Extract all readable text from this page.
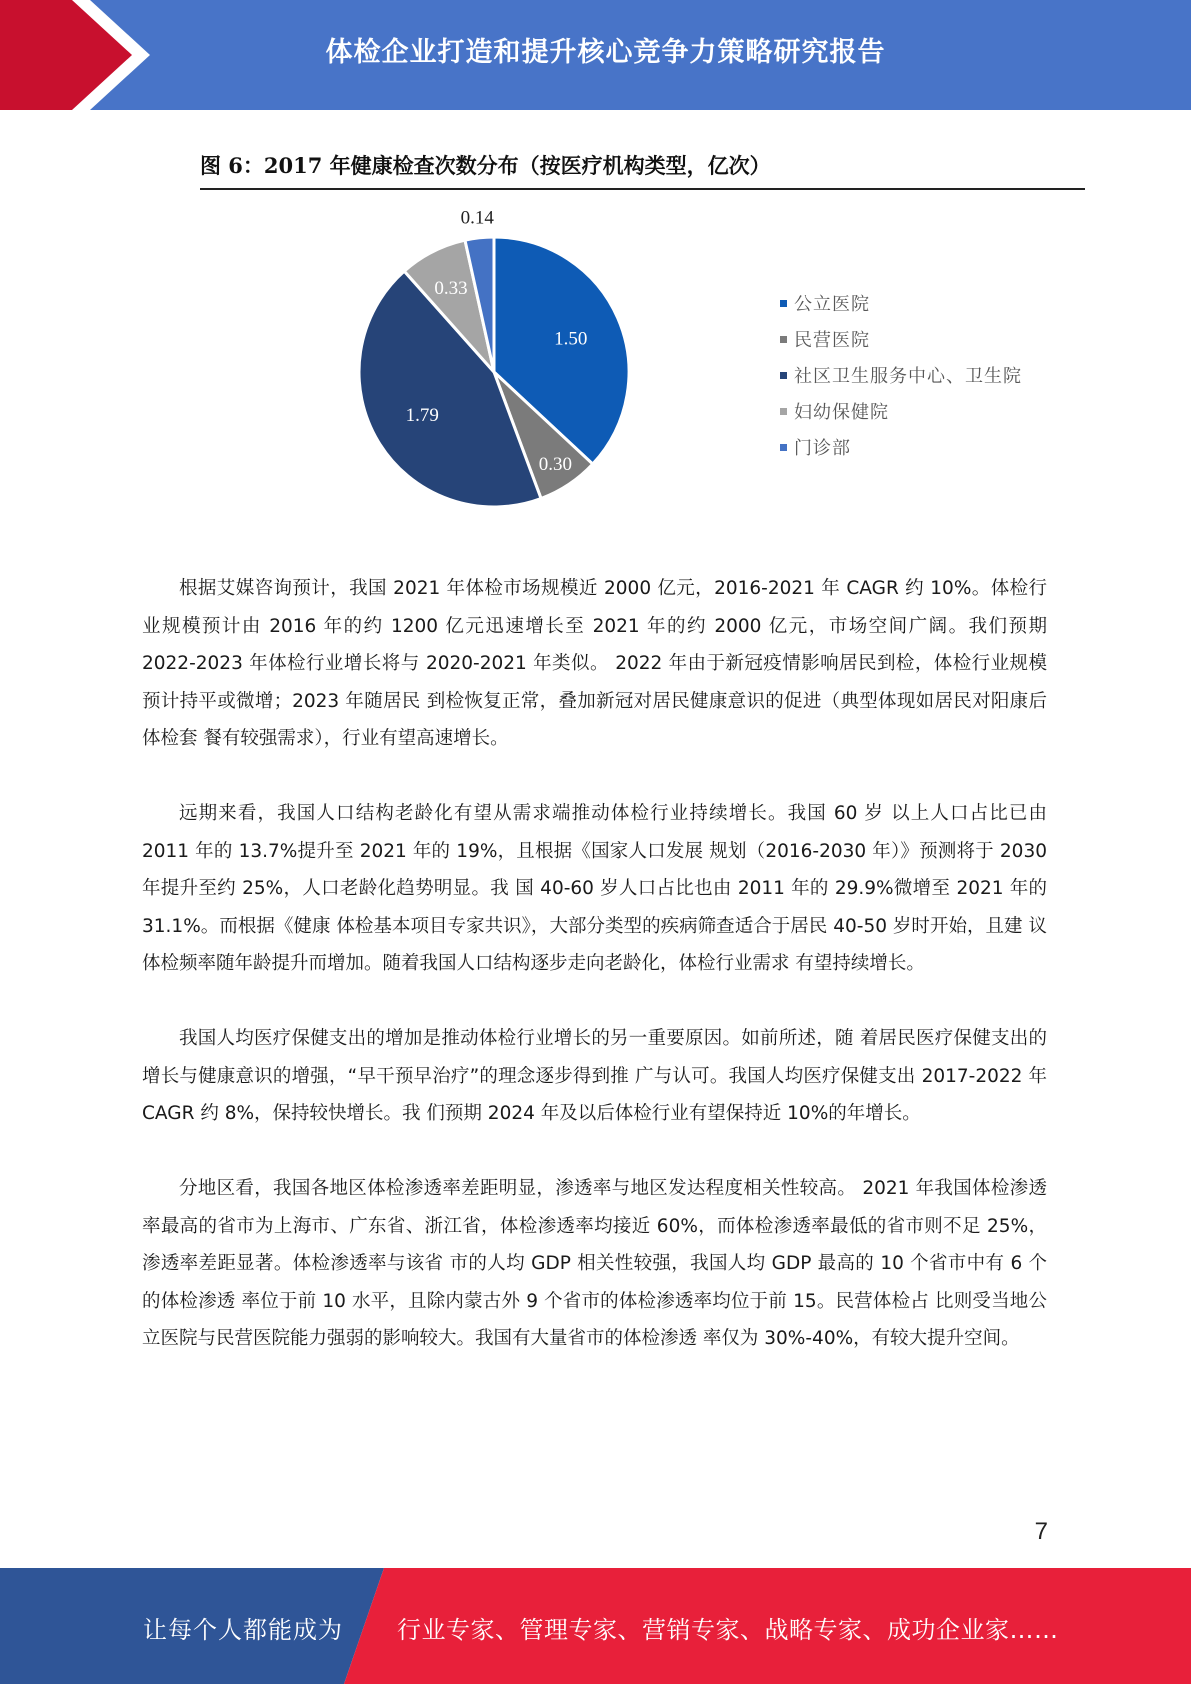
体检企业打造和提升核心竞争力策略研究报告
图 6：2017 年健康检查次数分布（按医疗机构类型，亿次）
1.50
0.30
1.79
0.33
0.14
公立医院
民营医院
社区卫生服务中心、卫生院
妇幼保健院
门诊部

根据艾媒咨询预计，我国 2021 年体检市场规模近 2000 亿元，2016-2021 年 CAGR 约 10%。体检行业规模预计由 2016 年的约 1200 亿元迅速增长至 2021 年的约 2000 亿元，市场空间广阔。我们预期 2022-2023 年体检行业增长将与 2020-2021 年类似。 2022 年由于新冠疫情影响居民到检，体检行业规模预计持平或微增；2023 年随居民 到检恢复正常，叠加新冠对居民健康意识的促进（典型体现如居民对阳康后体检套 餐有较强需求），行业有望高速增长。

远期来看，我国人口结构老龄化有望从需求端推动体检行业持续增长。我国 60 岁 以上人口占比已由 2011 年的 13.7%提升至 2021 年的 19%，且根据《国家人口发展 规划（2016-2030 年）》预测将于 2030 年提升至约 25%，人口老龄化趋势明显。我 国 40-60 岁人口占比也由 2011 年的 29.9%微增至 2021 年的 31.1%。而根据《健康 体检基本项目专家共识》，大部分类型的疾病筛查适合于居民 40-50 岁时开始，且建 议体检频率随年龄提升而增加。随着我国人口结构逐步走向老龄化，体检行业需求 有望持续增长。

我国人均医疗保健支出的增加是推动体检行业增长的另一重要原因。如前所述，随 着居民医疗保健支出的增长与健康意识的增强，“早干预早治疗”的理念逐步得到推 广与认可。我国人均医疗保健支出 2017-2022 年 CAGR 约 8%，保持较快增长。我 们预期 2024 年及以后体检行业有望保持近 10%的年增长。

分地区看，我国各地区体检渗透率差距明显，渗透率与地区发达程度相关性较高。 2021 年我国体检渗透率最高的省市为上海市、广东省、浙江省，体检渗透率均接近 60%，而体检渗透率最低的省市则不足 25%，渗透率差距显著。体检渗透率与该省 市的人均 GDP 相关性较强，我国人均 GDP 最高的 10 个省市中有 6 个的体检渗透 率位于前 10 水平，且除内蒙古外 9 个省市的体检渗透率均位于前 15。民营体检占 比则受当地公立医院与民营医院能力强弱的影响较大。我国有大量省市的体检渗透 率仅为 30%-40%，有较大提升空间。

7
让每个人都能成为 行业专家、管理专家、营销专家、战略专家、成功企业家……
